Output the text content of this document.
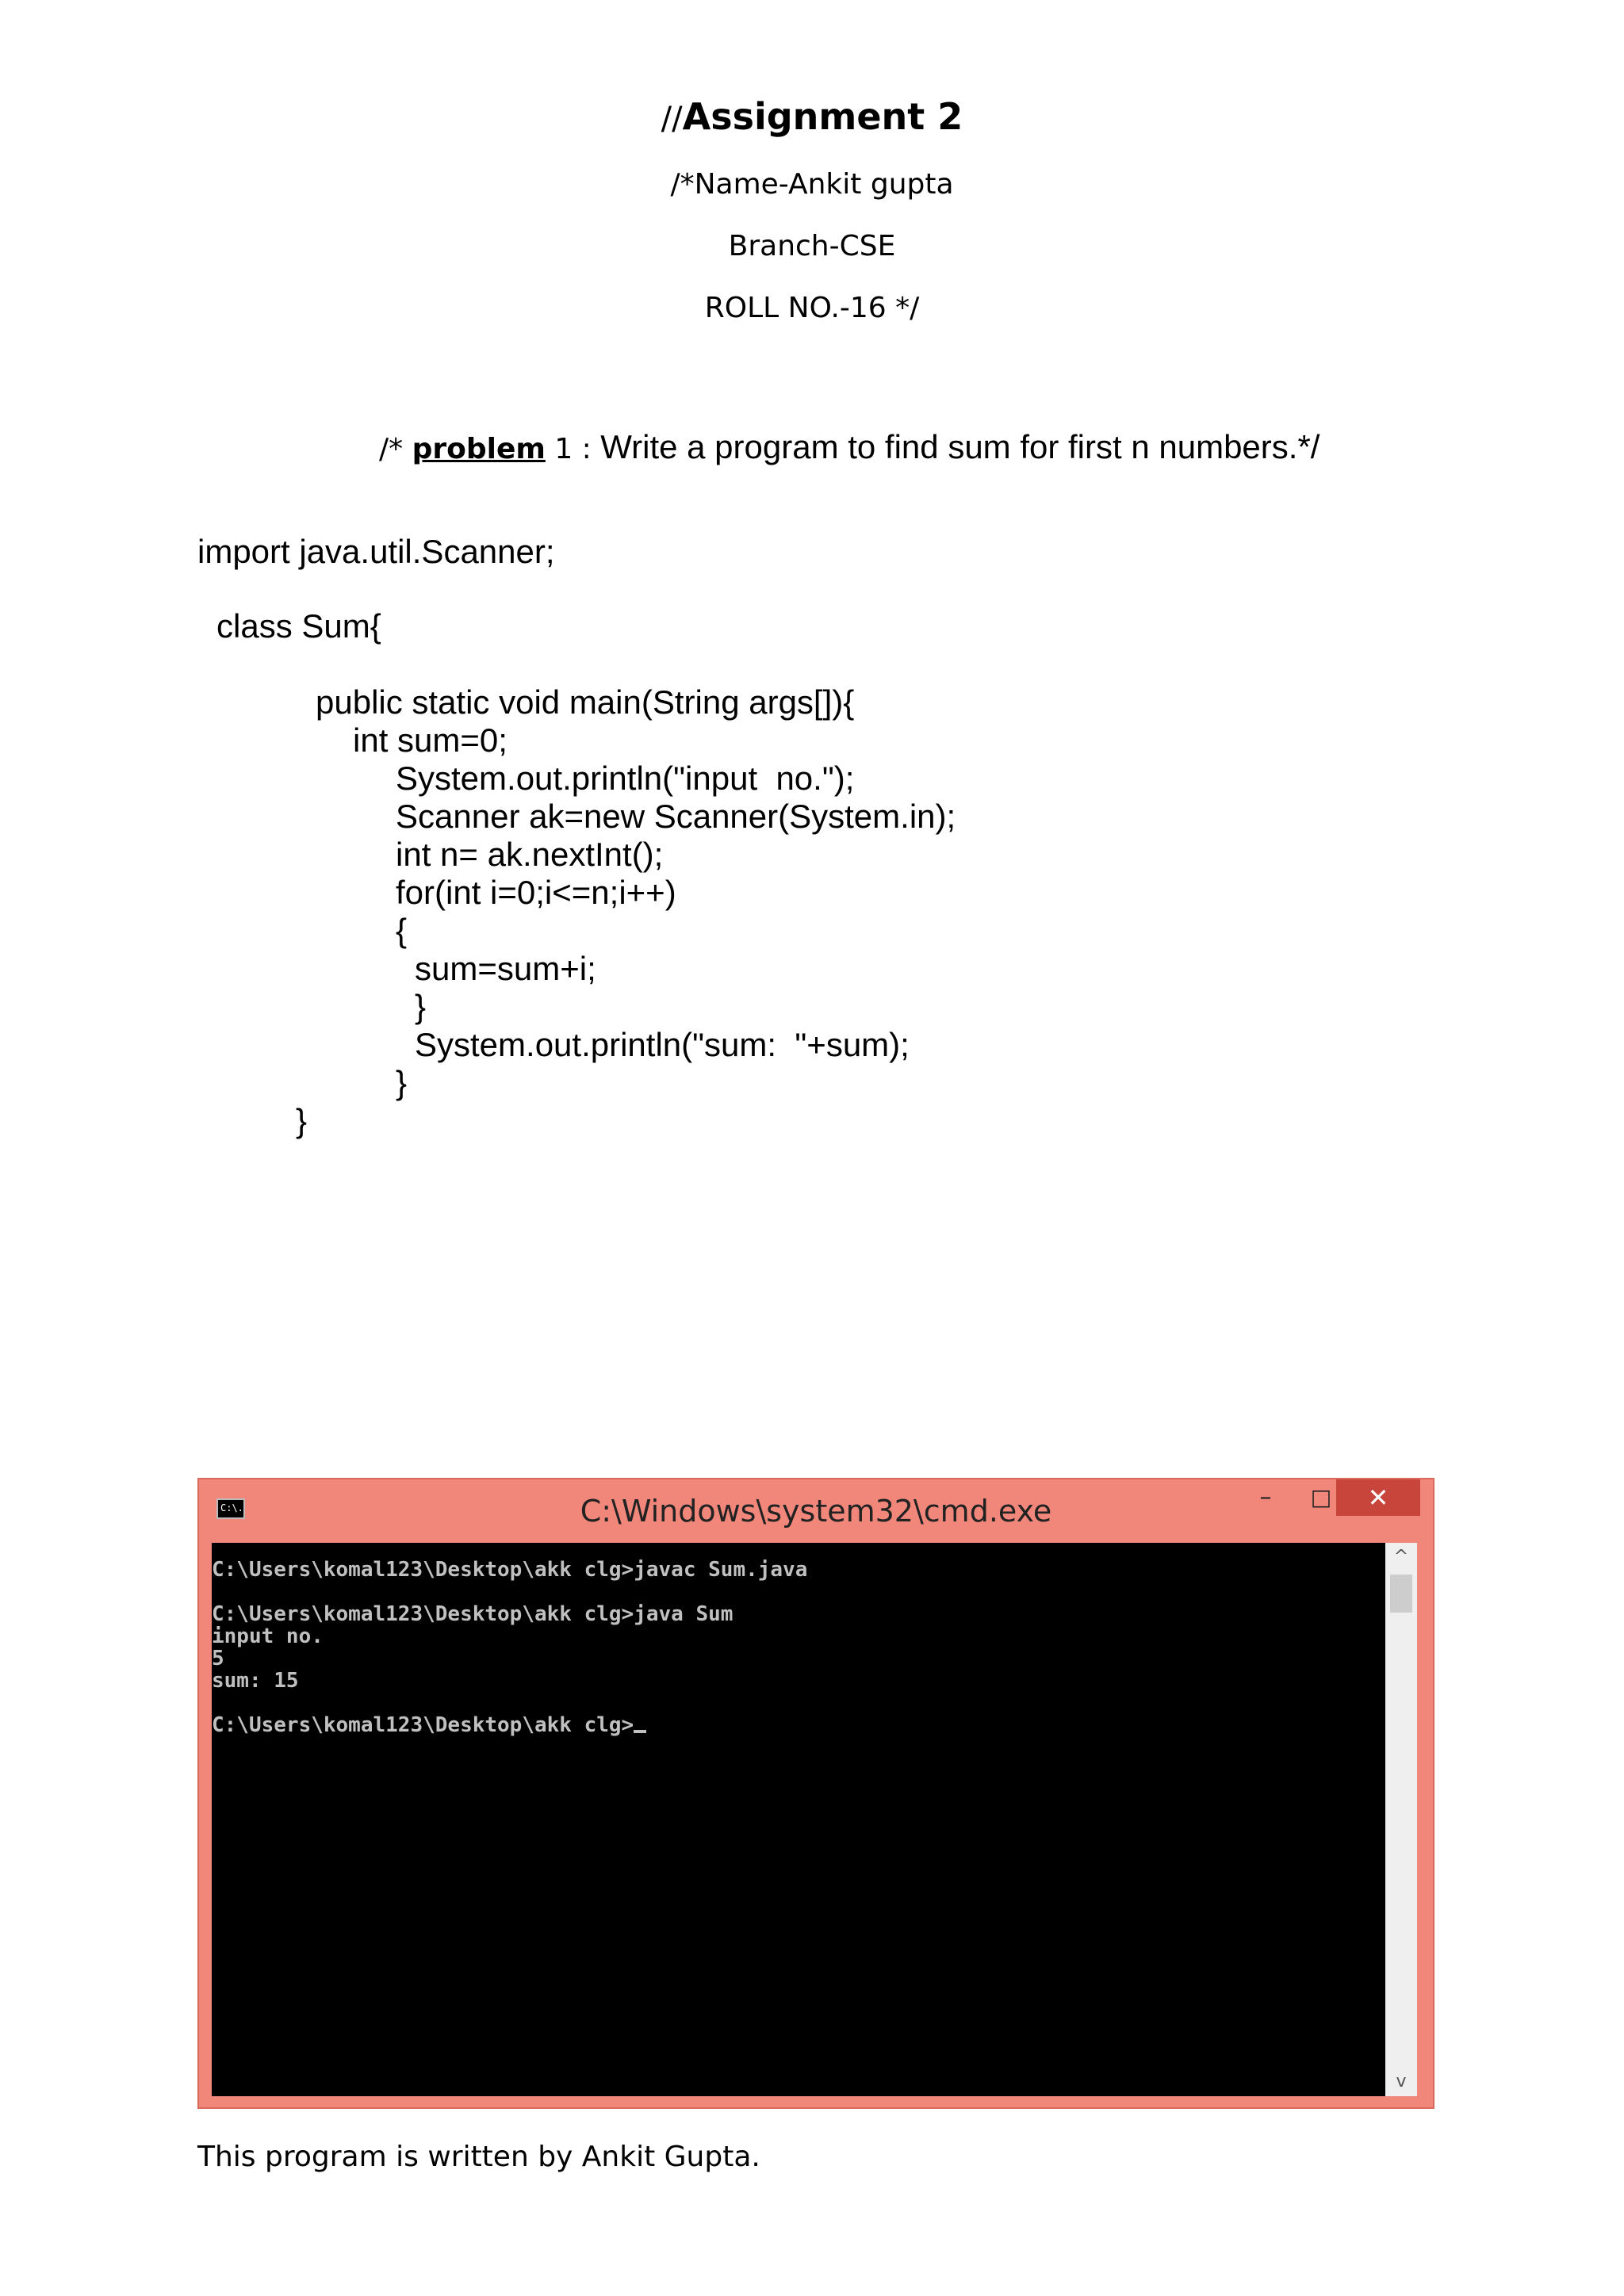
//Assignment 2
/*Name-Ankit gupta
Branch-CSE
ROLL NO.-16 */
/* problem 1 : Write a program to find sum for first n numbers.*/
import java.util.Scanner;
class Sum{
public static void main(String args[]){
int sum=0;
System.out.println("input  no.");
Scanner ak=new Scanner(System.in);
int n= ak.nextInt();
for(int i=0;i<=n;i++)
{
sum=sum+i;
}
System.out.println("sum:  "+sum);
}
}
C:\.	C:\Windows\system32\cmd.exe	–	□	✕
C:\Users\komal123\Desktop\akk clg>javac Sum.java

C:\Users\komal123\Desktop\akk clg>java Sum
input no.
5
sum: 15

C:\Users\komal123\Desktop\akk clg>
^
v
This program is written by Ankit Gupta.
